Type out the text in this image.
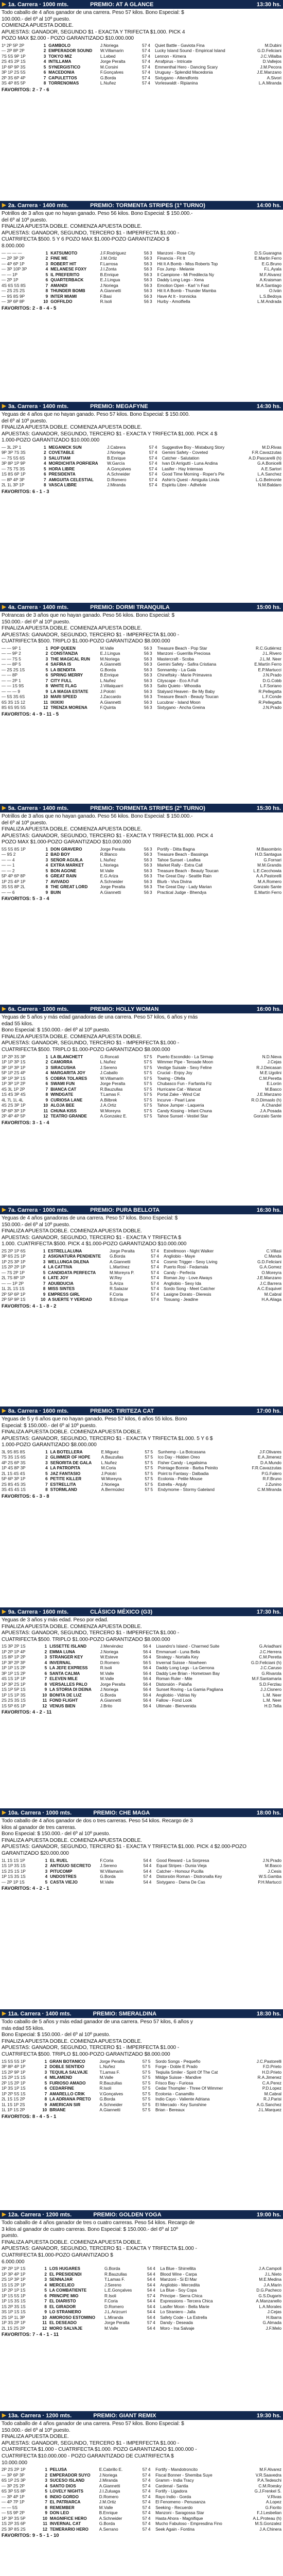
▶ 1a. Carrera · 1000 mts.	PREMIO: AT A GLANCE	13:30 hs.
Todo caballo de 4 años ganador de una carrera. Peso 57 kilos. Bono Especial: $
100.000.- del 6º al 10º puesto.
COMIENZA APUESTA DOBLE.
APUESTAS: GANADOR, SEGUNDO $1 - EXACTA Y TRIFECTA $1.000. PICK 4
POZO MAX $2.000 - POZO GARANTIZADO $10.000.000
1º 2P 5P 2P	1	GAMBOLO	J.Noriega	57	4	Quiet Battle - Gaviota Fina	M.Dubini
— 2P 8P 2P	2	EMPERADOR SOUND	W.Villamarin	57	4	Lucky Island Sound - Empirical Island	G.D.Feliciani
7S 5S 9P 1P	3	TOKYO MIZ	L.Lebed	57	4	Lennon - Kimera	J.C.Villalba
2S 4S 2P 1S	4	INTILLAMA	Jorge Peralta	57	4	Arrafpirus - Intricate	D.Vallejos
1P 6P 9P 3S	5	SYNERGISTICO	M.Corsini	57	4	Emmenthal Hero - Dancing Scary	J.M.Pecora
3P 1P 2S 5S	6	MACEDONIA	F.Gonçalves	57	4	Uruguay - Splendid Macedonia	J.E.Manzano
2P 3S 6P 4P	7	CAPULETTOS	G.Borda	57	4	Sixtygano - Attendfonts	A.Sivori
3S 4P 8S 5P	8	TORRENOMAS	L.Nuñez	57	4	Vorleswaldt - Ripianina	L.A.Miranda
FAVORITOS: 2 - 7 - 6
▶ 2a. Carrera · 1400 mts.	PREMIO: TORMENTA STRIPES (1º TURNO)	14:00 hs.
Potrillos de 3 años que no hayan ganado. Peso 56 kilos. Bono Especial: $ 150.000.-
del 6º al 10º puesto.
FINALIZA APUESTA DOBLE. COMIENZA APUESTA DOBLE.
APUESTAS: GANADOR, SEGUNDO, TERCERO $1 - IMPERFECTA $1.000 -
CUATRIFECTA $500. 5 Y 6 POZO MAX $1.000-POZO GARANTIZADO $
8.000.000
— — — —	1	KATSUMOTO	J.F.Rodríguez	56	3	Manzoni - Rose City	D.S.Guaragna
— 2P 3P 2P	2	FINE ME	J.M.Ortiz	56	3	Financia - Fit It	E.Martin Ferro
— 4P 6P 1P	3	ROBERT HIT	F.Larrosa	56	3	Hit It A Bomb - Miss Roberts Top	E.G.Bruno
— 3P 10P 3P	4	MELANESE FOXY	J.I.Zonta	56	3	Fox Jump - Melanie	F.L.Ayala
— — 1P	5	IL PREFERITO	B.Enrique	56	3	Il Campione - Mi Predilecta Ny	M.F.Alvarez
— 2P 1P	6	QUARTERBACK	E.J.Lingua	56	3	Daddy Long Legs - Xena	A.Kraisman
4S 6S 5S 8S	7	AMANDI	J.Noriega	56	3	Emotion Open - Karl 'n Fast	M.A.Santiago
— 2S 2S 2S	8	THUNDER BOMB	A.Giannetti	56	3	Hit It A Bomb - Thunder Mamba	O.Iván
— 9S 8S 9P	9	INTER MIAMI	F.Basi	56	3	Have At It - Ironnicka	L.S.Bedoya
— 3P 6P 8P	10	GOFFILDO	R.Isoli	56	3	Hurby - Amolfiella	L.M.Andrada
FAVORITOS: 2 - 8 - 4 - 5
▶ 3a. Carrera · 1400 mts.	PREMIO: MEGAFYNE	14:30 hs.
Yeguas de 4 años que no hayan ganado. Peso 57 kilos. Bono Especial: $ 150.000.
del 6º al 10º puesto.
FINALIZA APUESTA DOBLE. COMIENZA APUESTA DOBLE.
APUESTAS: GANADOR, SEGUNDO, TERCERO $1 - EXACTA Y TRIFECTA $1.000. PICK 4 $
1.000-POZO GARANTIZADO $10.000.000
— 3L 2P 1	1	MEGANICK SUN	J.Cabrera	57	4	Suggestive Boy - Mistaburg Story	M.D.Rivas
9P 3P 7S 3S	2	COVETABLE	J.Noriega	57	4	Gemini Safety - Coveted	F.R.Cavazzutas
— 7S 5S 6S	3	SALUTIAM	B.Enrique	57	4	Catcher - Salutation	A.D.Pascarelli (h)
3P 8P 1P 9P	4	MORDICHITA PORFIERA	W.García	57	4	Ivan Di Arrigutti - Luna Andina	G.A.Bonicelli
— 7S 7S 3S	5	HORA LIBRE	A.Gonçalves	57	4	Lasifer - Hay Intensas	A.E.Sartori
1S 8S 6P 1P	6	PRESIDENTA	A.Schneider	57	4	Good Time Morning - Roper's Pie	L.A.Sanchez
— 8P 4P 3P	7	AMIGUITA CELESTIAL	D.Romero	57	4	Ashin's Quest - Amiguita Linda	L.G.Belmonte
2L 1L 3P 1P	8	VASCA LIBRE	J.Miranda	57	4	Espiritu Libre - Adhelvie	N.M.Baldaro
FAVORITOS: 6 - 1 - 3
▶ 4a. Carrera · 1400 mts.	PREMIO: DORMI TRANQUILA	15:00 hs.
Potrancas de 3 años que no hayan ganado. Peso 56 kilos. Bono Especial: $
150.000.- del 6º al 10º puesto.
FINALIZA APUESTA DOBLE. COMIENZA APUESTA DOBLE.
APUESTAS: GANADOR, SEGUNDO, TERCERO $1 - IMPERFECTA $1.000 -
CUATRIFECTA $500. TRIPLO $1.000-POZO GARANTIZADO $8.000.000
— — 9P 1	1	POP QUEEN	M.Valle	56	3	Treasure Beach - Pop Star	R.C.Gutiérrez
— — 9P 2	2	CONSTANZIA	E.J.Lingua	56	3	Manzoni - Guerrilla Preciosa	J.L.Rivero
— — 7S 5	3	THE MAGICAL RUN	M.Noriega	56	3	Mastercraft - Scoba	J.L.M. Neer
— — 8P 5	4	SAFIRA IS	A.Giannetti	56	3	Gemini Safety - Safira Cristiana	E.Martín Ferro
— 2S 2S 1S	5	LA BENDITA	G.Borda	56	3	Sonnamby - La Gala	E.P.Martucci
— — 8P	6	SPRING MERRY	B.Enrique	56	3	Chineftsky - Maríe Primavera	J.N.Prado
— — 2P 1	7	CITY FULL	L.Nuñez	56	3	Cityscape - Eco A Full	D.G.Cobb
— — 1S 9S	8	WHITE FLAG	J.Villalquarri	56	3	Salto Quieto - Whoodia	L.F.Soriano
— — — 9	9	LA MAGIA ESTATE	J.Polotri	56	3	Stalyard Heaven - Be My Baby	R.Pellegatta
— 5S 3S 6S	10	MARI SPEED	J.Zaccardo	56	3	Treasure Beach - Beauty Toucan	L.F.Conde
6S 3S 1S 12	11	IXIXIXI	A.Giannetti	56	3	Lucubrar - Island Moon	R.Pellegatta
8S 6S 9S 5S	12	TRENZA MORENA	F.Quinta	56	3	Sixtygano - Ancha Greina	J.N.Prado
FAVORITOS: 4 - 9 - 11 - 5
▶ 5a. Carrera · 1400 mts.	PREMIO: TORMENTA STRIPES (2º TURNO)	15:30 hs.
Potrillos de 3 años que no hayan ganado. Peso 56 kilos. Bono Especial: $ 150.000.-
del 6º al 10º puesto.
FINALIZA APUESTA DOBLE. COMIENZA APUESTA DOBLE.
APUESTAS: GANADOR, SEGUNDO, TERCERO $1 - EXACTA Y TRIFECTA $1.000. PICK 4
POZO MAX $1.000-POZO GARANTIZADO $10.000.000
5S 5S 8S 1P	1	DON GRAVERO	Jorge Peralta	56	3	Portify - Ditta Bagna	M.Basombrio
— 9S 2	2	BAD BOY	R.Blanco	56	3	Treasure Beach - Bassinga	H.D.Santagua
— — 4	3	SEÑOR AGUILA	L.Nuñez	56	3	Tahoe Sunset - Leaflea	G.Fornari
— — 1	4	EXTRA MARKET	L.Noriega	56	3	Market Rally - Extra Call	M.M.Grandis
— — 2	5	BON AGONE	M.Valle	56	3	Treasure Beach - Beauty Toucan	L.E.Cecchowia
5P 4P 6P 8P	6	GREAT RAIN	E.G.Ariza	56	3	The Great Day - Seattle Rain	A.A.Pastorelli
1P 2S 4P 1P	7	AVIVADO	A.Schneider	56	3	Blurb - Viva Divina	M.A.Romero
3S 5S 8P 2L	8	THE GREAT LORD	Jorge Peralta	56	3	The Great Day - Lady Marian	Gonzalo Sante
— — 6	9	BUIN	A.Giannetti	56	3	Practical Judge - Bhendya	E.Martín Ferro
FAVORITOS: 5 - 3 - 4
▶ 6a. Carrera · 1000 mts.	PREMIO: HOLLY WOMAN	16:00 hs.
Yeguas de 5 años y más edad ganadoras de una carrera. Peso 57 kilos, 6 años y más
edad 55 kilos.
Bono Especial: $ 150.000.- del 6º al 10º puesto.
FINALIZA APUESTA DOBLE. COMIENZA APUESTA DOBLE.
APUESTAS: GANADOR, SEGUNDO, TERCERO $1 - IMPERFECTA $1.000 -
CUATRIFECTA $500. TRIPLO $1.000-POZO GARANTIZADO $8.000.000
1P 2P 3S 3P	1	LA BLANCHETT	G.Roncati	57	5	Puerto Escondido - La Sirmap	N.D.Nieva
1P 1P 3P 1S	2	CAMORRA	L.Nuñez	57	5	Wimmer Pipe - Teroade Moon	J.Cejas
3P 1P 3P 1P	3	SIRACUSHA	J.Sereno	57	5	Vestige Suisale - Sexy Feline	R.J.Deicasan
5P 1P 2S 4P	4	MARGARITA JOY	J.Caballo	57	5	Crucial - Enjoy Joy	M.E.Ugolini
3P 1P 3P 1S	5	COBRA TOLARES	W.Villamarin	57	5	Towing - Ofella	C.M.Peretta
1P 3P 1P 2P	6	SWAMI FUN	Jorge Peralta	57	5	Chubasco Fun - Farfanita Fiz	E.Lorón
4S 3L 1P 2P	7	BIANCA CAT	R.Bauzullas	57	5	Hurricane Cat - Wancat	M.Basco
1S 4S 3P 4S	8	WINDGATE	T.Lamas F.	57	5	Portal Zake - Wind Cat	J.E.Manzano
4L 7L 1L 4L	9	CURIOSA LANE	A.Bilbrek	57	5	Incurve - Pearl Lane	R.O.Dimaslo (h)
4S 2S 3P 1P	10	ALOJA BEE	J.A.Ortiz	57	5	Tahoe Jumper - Laqueria	A.Chandel
5P 6P 3P 1P	11	CHUNA KISS	W.Moreyra	57	5	Candy Kissing - Infant Chuna	J.A.Posada
2P 4P 4P 5P	12	TEATRO GRANDE	A.Gonzalez E.	57	5	Tahoe Sunset - Vestiel Star	Gonzalo Sante
FAVORITOS: 3 - 1 - 4
▶ 7a. Carrera · 1000 mts.	PREMIO: PURA BELLOTA	16:30 hs.
Yeguas de 4 años ganadoras de una carrera. Peso 57 kilos. Bono Especial: $
150.000.- del 6º al 10º puesto.
FINALIZA APUESTA DOBLE. COMIENZA APUESTA DOBLE.
APUESTAS: GANADOR, SEGUNDO, TERCERO $1 - EXACTA Y TRIFECTA $
1.000. CUATRIFECTA $500. PICK 4 $1.000-POZO GARANTIZADO $10.000.000
2S 2P 1P 6S	1	ESTRELLALUNA	Jorge Peralta	57	4	Estrellmoon - Night Walker	C.Villasi
3P 6S 2S 1P	2	ASIGNATURA PENDIENTE	G.Borda	57	4	Angliobio - Maye	C.Manda
1P 2S 3P 1P	3	WELLUNGA DILENA	A.Giannetti	57	4	Cosmic Trigger - Sexy Living	G.D.Feliciani
1S 2P 2P 1P	4	LA CATTIVA	L.Martínez	57	4	Puerto Rosi - Fedamala	G.A.Gomez
— 7S 2P 1P	5	CANDIDATA PERFECTA	M.Moreyra P.	57	4	Candy - Perfecta	O.Moreyra
2L 7S 8P 1P	6	LATE JOY	W.Rey	57	4	Roman Joy - Love Always	J.E.Manzano
— — 1P 2P	7	ADUBDUCIA	S.Ariza	57	4	Angliobio - Sexy Ida	J.C.Barrera
1L 2L 1S 1S	8	MISS SINTES	R.Salazar	57	4	Sordo Song - Meet Catcher	A.C.Esquivel
2P 5P 6P 1P	9	EMPRESS GIRL	F.Coria	57	4	Lasigne Dorato - Dieresis	M.Cabral
2P 5P 9P 1S	10	A SUERTE Y VERDAD	B.Enrique	57	4	Tosuang - Jeadine	H.A.Aliaga
FAVORITOS: 4 - 1 - 8 - 2
▶ 8a. Carrera · 1600 mts.	PREMIO: TIRITEZA CAT	17:00 hs.
Yeguas de 5 y 6 años que no hayan ganado. Peso 57 kilos, 6 años 55 kilos. Bono
Especial: $ 150.000.- del 6º al 10º puesto.
FINALIZA APUESTA DOBLE. COMIENZA APUESTA DOBLE.
APUESTAS: GANADOR, SEGUNDO, TERCERO $1 - EXACTA Y TRIFECTA $1.000. 5 Y 6 $
1.000-POZO GARANTIZADO $8.000.000
3L 9S 8S 8S	1	LA BOTELLERA	E.Miguez	57	5	Sunhemp - La Botcasana	J.F.Olivares
7S 3S 1S 6S	2	GLIMMER OF HOPE	A.Bauzullas	57	5	Ico Day - Hidden Oreo	E.A.Jimenez
4P 2S 6P 3S	3	SEÑORITA DE GALA	L.Nuñez	57	5	Fisher Candy - Legalisima	D.A.Mundo
1P 4S 8P 3P	4	LA PATROPITA	M.Coria	57	5	Pointage Bonnie - Barba Peinito	F.R.Cavazzutas
2L 1S 4S 4S	5	JAZ FANTASIO	J.Polotri	57	5	Point to Fantasy - Dalbadia	P.G.Falero
5P 6P 3P 1P	6	PETITE KILLER	W.Moreyra	57	5	Ecolonia - Petite Mouse	R.F.Bruno
2S 8S 4S 3S	7	ESTRELLITA	J.Noriega	57	5	Estrella - Anjuly	J.Zunino
3S 4S 4S 1S	8	STORMLAND	A.Bermúdez	57	5	Endymome - Stormy Gateland	C.M.Miranda
FAVORITOS: 6 - 3 - 8
▶ 9a. Carrera · 1600 mts.	CLÁSICO MÉXICO (G3)	17:30 hs.
Yeguas de 3 años y más edad. Peso por edad.
FINALIZA APUESTA DOBLE. COMIENZA APUESTA DOBLE.
APUESTAS: GANADOR, SEGUNDO, TERCERO $1 - IMPERFECTA $1.000 -
CUATRIFECTA $500. TRIPLO $1.000-POZO GARANTIZADO $8.000.000
1S 3P 2P 1S	1	LISSETTE ISLAND	J.Menéndez	56	4	Lisandro's Island - Charmed Suite	G.Ariadhani
1P 2P 1P 4P	2	EMMA LUNA	J.Noriega	56	4	Emmanuel - Luna Bella	J.C.Herrera
1S 8P 1P 2P	3	STRANGER KEY	W.Esteve	56	4	Strategy - Nortalla Key	C.M.Peretta
1P 3P 2P 3P	4	INVERNAL	D.Romero	56	5	Invernal Suisse - Nowheen	G.D.Feliciani (h)
1P 1P 1S 2P	5	LA JEFE EXPRESS	R.Isoli	56	4	Daddy Long Legs - La Gerrona	J.C.Caruso
3P 1P 1S 2P	6	SANTA CALMA	M.Valle	56	4	Daddy Lee Brian - Hometown Bay	G.Rivarola
4S 1S 1P 1P	7	ELEVEN MILE	M.Valle	56	4	Roman Ruler - Mile	M.F.Santamaria
1P 3P 2S 1P	8	VERSALLES PALO	Jorge Peralta	56	4	Distorsión - Palaña	S.D.Ferzlau
1S 1P 5P 1S	9	LA STORIA DI DEINA	J.Noriega	56	4	Sunset Roving - La Gamia Pagliana	J.J.Cisnero
1P 1S 1P 3S	10	BONITA DE LUZ	G.Borda	56	4	Angliobio - Vidrias Ny	L.M. Neer
2S 2S 3S 1S	11	FOND FLIGHT	A.Giannetti	56	4	Fallow - Fond Look	L.M. Neer
1S 5P 6S 1P	12	VENUS BIEN	J.Brito	56	4	Ultimate - Bienvenida	H.D.Tella
FAVORITOS: 4 - 2 - 11
▶ 10a. Carrera · 1000 mts.	PREMIO: CHE MAGA	18:00 hs.
Todo caballo de 4 años ganador de dos o tres carreras. Peso 54 kilos. Recargo de 3
kilos al ganador de tres carreras.
Bono Especial: $ 150.000.- del 6º al 10º puesto.
FINALIZA APUESTA DOBLE. COMIENZA APUESTA DOBLE.
APUESTAS: GANADOR, SEGUNDO, TERCERO $1 - EXACTA Y TRIFECTA $1.000. PICK 4 $2.000-POZO
GARANTIZADO $20.000.000
1L 1S 1S 1P	1	EL RUEL	F.Coria	54	4	Good Reward - La Sorpresa	J.N.Prado
1S 1P 3S 1S	2	ANTIGUO SECRETO	J.Sereno	54	4	Equal Stripes - Dunia Vieja	M.Basco
1S 2S 1S 1P	3	PITUCOMP	W.Villamarin	54	4	Catcher - Homour Pucilla	J.Cesis
1P 1S 3S 1S	4	UNDOSTRES	G.Borda	57	4	Distorsión Roman - Distronalla Key	W.S.Gamba
— 2P 1P 1S	5	CASTA VIEJO	M.Valle	54	4	Sixtygano - Dama De Cas	P.H.Martucci
FAVORITOS: 4 - 2 - 1
▶ 11a. Carrera · 1400 mts.	PREMIO: SMERALDINA	18:30 hs.
Todo caballo de 5 años y más edad ganador de una carrera. Peso 57 kilos, 6 años y
más edad 55 kilos.
Bono Especial: $ 150.000.- del 6º al 10º puesto.
FINALIZA APUESTA DOBLE. COMIENZA APUESTA DOBLE.
APUESTAS: GANADOR, SEGUNDO, TERCERO $1 - IMPERFECTA $1.000 -
CUATRIFECTA $500. TRIPLO $1.000-POZO GARANTIZADO $8.000.000
1S 5S 5S 1P	1	GRAN BOTANICO	Jorge Peralta	57	5	Sordo Songs - Pequeño	J.C.Pastorelli
3P 8P 4P 1P	2	DOBLE SENTIDO	L.Nuñez	57	5	Forge - Doble E Prado	F.D.Prieto
1S 2P 9P 1P	3	TEQUILA SALVAJE	T.Lamas F.	57	5	Teqiuila Smiler - Spirit Of The Cat	H.D.Prieto
1S 2P 1S 1S	4	MILAMEND	M.Valle	57	5	Mildge Suisse - Mandive	R.A.Jimenez
2P 1S 2P 1P	5	FURIOSO AMADO	R.Bauzullas	57	5	Frisco Bay - Furiosa	C.A.Perez
1P 3S 1P 1S	6	CEDARFINE	R.Isoli	57	5	Cedar Thompler - Three Of Wimmer	P.D.Lopez
1P 2P 5S 1S	7	AMARELLO CRIK	V.Gonçalves	57	5	Ecolonia - Canamillo	M.Cabral
2L 1S 1S 2P	8	LA ADRIANA PRETO	G.Borda	57	5	Indio Cayo - Valiente Adriana	R.J.Parisi
1L 1S 1P 2S	9	AMERICAN SIR	A.Schneider	57	5	El Mercado - Key Sunshine	A.G.Sanchez
1L 1P 1S 2P	10	BRIANE	A.Giannetti	57	5	Brian - Bereaux	J.L.Marquez
FAVORITOS: 8 - 4 - 5 - 1
▶ 12a. Carrera · 1200 mts.	PREMIO: GOLDEN YOGA	19:00 hs.
Todo caballo de 4 años ganador de tres o cuatro carreras. Peso 54 kilos. Recargo de
3 kilos al ganador de cuatro carreras. Bono Especial: $ 150.000.- del 6º al 10º
puesto.
FINALIZA APUESTA DOBLE. COMIENZA APUESTA DOBLE.
APUESTAS: GANADOR, SEGUNDO, TERCERO $1 - EXACTA Y TRIFECTA $1.000 -
CUATRIFECTA $1.000-POZO GARANTIZADO $
6.000.000
2P 2P 1P 1S	1	LOS HUGARES	G.Borda	54	4	La Blue - Shirrellita	J.A.Campoli
1P 3P 4P 1P	2	EL PRESIDENDI	R.Bauzullas	54	4	Blood Wine - Carpa	J.L.Nieto
2S 1P 3P 1P	3	SENNAJAR	T.Lamas F.	54	4	Manzoni - Si El Mar	M.E.Medina
1S 1S 2P 1P	4	MERCELIEO	J.Sereno	54	4	Angliobio - Mercedita	J.A.Marin
1P 2P 1P 1S	5	LA COMBATIENTE	L.E.Gonçalves	54	4	La Blue - Soy Copa	D.G.Pacheco
1P 1S 5S 1P	6	PRINCIPE MIO	R.Isoli	57	4	Principe - Sierra Chica	G.S.Dugaris
1P 1S 3S 1S	7	EL DIARISTO	F.Coria	54	4	Expressions - Tercera Chica	A.Manzanello
1S 2P 3S 1S	8	EL GIRADOR	D.Romero	54	4	Lasifer Moon - Bella Marie	L.A.Morales
3S 1P 1S 1S	9	LO STRANIERO	J.L.Arizcurri	54	4	Lo Straniero - Jalla	J.Cejas
2S 1P 1L 3P	10	AMOROSO ESTOMINO	L.Miranda	54	4	Safety Code - La Estrella	H.Ibarra
1P 3S 2P 1P	11	EL DESEADO	Jorge Peralta	57	4	Dandy - Deseada	G.Almada
2L 1S 2S 2P	12	MORO SALVAJE	M.Valle	54	4	Moro - Ina Salvaje	J.F.Melo
FAVORITOS: 7 - 4 - 1 - 11
▶ 13a. Carrera · 1200 mts.	PREMIO: GIANT REMIX	19:30 hs.
Todo caballo de 4 años ganador de una carrera. Peso 57 kilos. Bono Especial: $
150.000.- del 6º al 10º puesto.
FINALIZA APUESTA DOBLE.
APUESTAS: GANADOR, SEGUNDO, TERCERO $1 - IMPERFECTA $1.000 -
CUATRIFECTA $1.000 - CUATRIFECTA $1.000. POZO GARANTIZADO $1.000.000 -
CUATRIFECTA $10.000.000 - POZO GARANTIZADO DE CUATRIFECTA $
10.000.000
2P 2S 2P 1P	1	PELUSA	E.Cabrillo E.	57	4	Fortify - Mandotroncito	M.F.Alvarez
— 3P 6P 3P	2	EMPERADOR SUYO	J.Noriega	57	4	Fiscal Bonner - Shemiba Suye	V.R.Saavedra
6S 1P 2S 3P	3	SUCESO ISLAND	J.Miranda	57	4	Gramm - India Tracy	P.A.Tedeschi
— 3P 2S 2P	4	SANTO DIOS	A.Giannetti	57	4	Cardenal - Santia	C.M.Roesky
6S 3P 5S 8P	5	LOVELY NIGHTS	J.I.Zuluaga	57	4	Fortify - Ligadora	G.J.Frenkel S.
— 3P 4P 1P	6	INDIO GORDO	D.Romero	57	4	Rayo Indio - Gorda	V.Rivas
— 4P 7P 1P	7	EL PATRIARCA	J.M.Ortiz	57	4	El Fenomeno - Penusanza	A.Lopez
— — 5S	8	REMEMBER	M.Valle	57	4	Seeking - Recuerdo	G.Fiorito
— 5S 9P 2P	9	DON LEO	B.Enrique	57	4	Manzoni - Saragossa Star	F.J.Lesbelian
1P 3P 3S 5P	10	MAGNIFICE HERO	A.Schneider	57	4	Hasta Ahora - Magnifique	A.L.Proteau (h)
1S 2P 3S 6P	11	INVERNAL CAT	G.Borda	57	4	Mucho Fabuloso - Empresdina Fino	M.S.Gonzalez
2S 3P 8S 2S	12	TEMERARIO HERO	A.Serrano	57	4	Seek Again - Fontina	J.A.Chinera
FAVORITOS: 9 - 5 - 1 - 10
